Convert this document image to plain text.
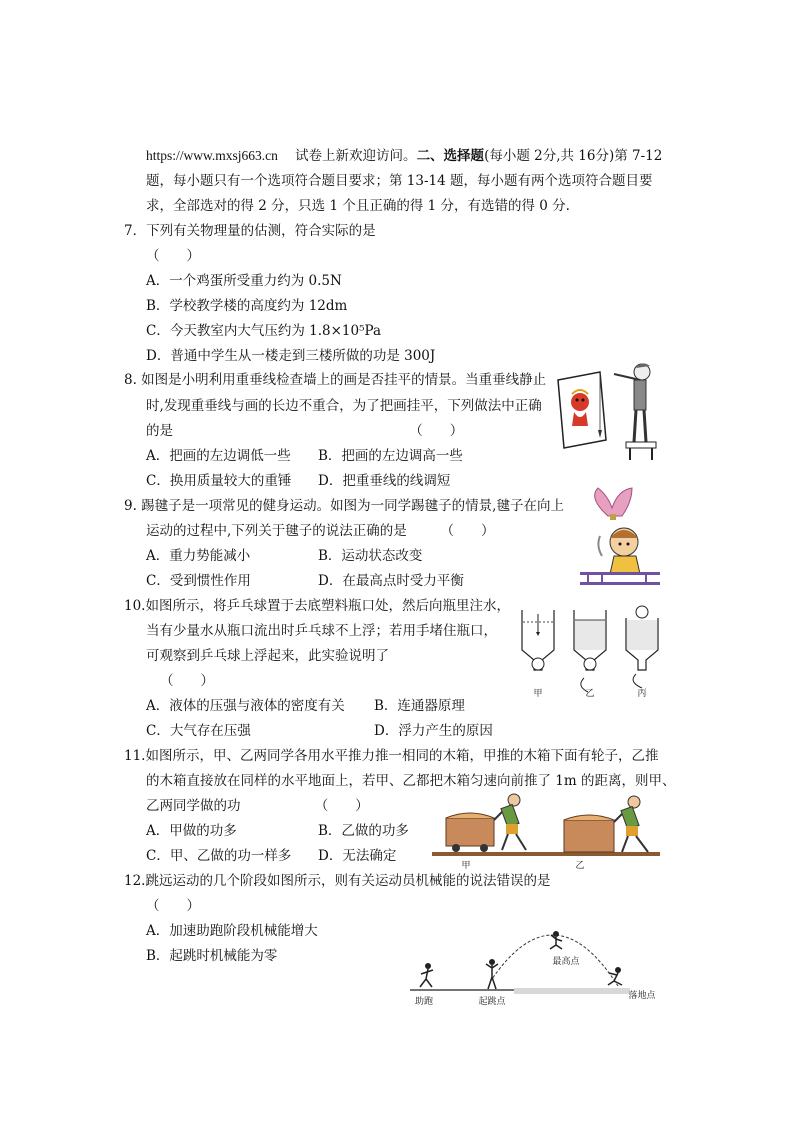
https://www.mxsj663.cn 试卷上新欢迎访问。二、选择题(每小题 2分,共 16分)第 7-12
题，每小题只有一个选项符合题目要求；第 13-14 题，每小题有两个选项符合题目要
求，全部选对的得 2 分，只选 1 个且正确的得 1 分，有选错的得 0 分.
7．下列有关物理量的估测，符合实际的是
（　　）
A．一个鸡蛋所受重力约为 0.5N
B．学校教学楼的高度约为 12dm
C．今天教室内大气压约为 1.8×10⁵Pa
D．普通中学生从一楼走到三楼所做的功是 300J
8. 如图是小明利用重垂线检查墙上的画是否挂平的情景。当重垂线静止
时,发现重垂线与画的长边不重合，为了把画挂平，下列做法中正确
的是　　　　　　　　　　　　　　　　　　（　　）
A．把画的左边调低一些 B．把画的左边调高一些
C．换用质量较大的重锤 D．把重垂线的线调短
9. 踢毽子是一项常见的健身运动。如图为一同学踢毽子的情景,毽子在向上
运动的过程中,下列关于毽子的说法正确的是　　　（　　）
A．重力势能减小	B．运动状态改变
C．受到惯性作用	D．在最高点时受力平衡
10.如图所示，将乒乓球置于去底塑料瓶口处，然后向瓶里注水，
当有少量水从瓶口流出时乒乓球不上浮；若用手堵住瓶口，
可观察到乒乓球上浮起来，此实验说明了
（　　）
A．液体的压强与液体的密度有关 B．连通器原理
C．大气存在压强	D．浮力产生的原因
甲	乙	丙
11.如图所示，甲、乙两同学各用水平推力推一相同的木箱，甲推的木箱下面有轮子，乙推
的木箱直接放在同样的水平地面上，若甲、乙都把木箱匀速向前推了 1m 的距离，则甲、
乙两同学做的功　　　　　　（　　）
A．甲做的功多	B．乙做的功多
C．甲、乙做的功一样多 D．无法确定
甲	乙
12.跳远运动的几个阶段如图所示，则有关运动员机械能的说法错误的是
（　　）
A．加速助跑阶段机械能增大
B．起跳时机械能为零
助跑	起跳点
最高点
落地点
